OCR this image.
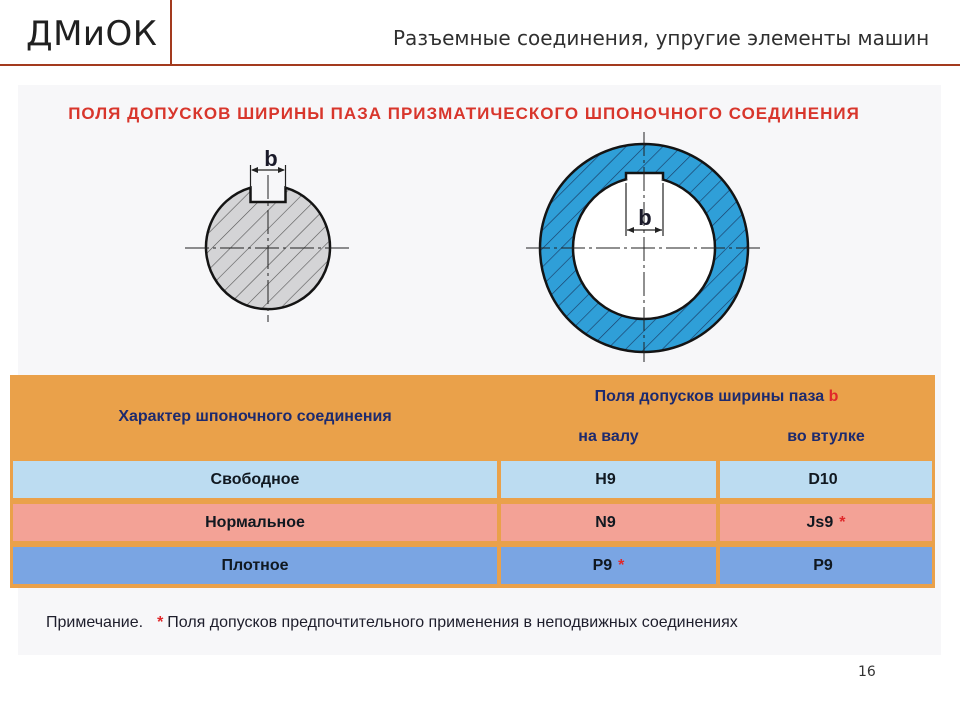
ДМиОК	Разъемные соединения, упругие элементы машин
ПОЛЯ ДОПУСКОВ ШИРИНЫ ПАЗА ПРИЗМАТИЧЕСКОГО ШПОНОЧНОГО СОЕДИНЕНИЯ
b
b
Характер шпоночного соединения
Поля допусков ширины паза
b
на валу	во втулке
Свободное	H9	D10
Нормальное	N9	Js9 *
Плотное	P9 *	P9
Примечание. * Поля допусков предпочтительного применения в неподвижных соединениях
16
